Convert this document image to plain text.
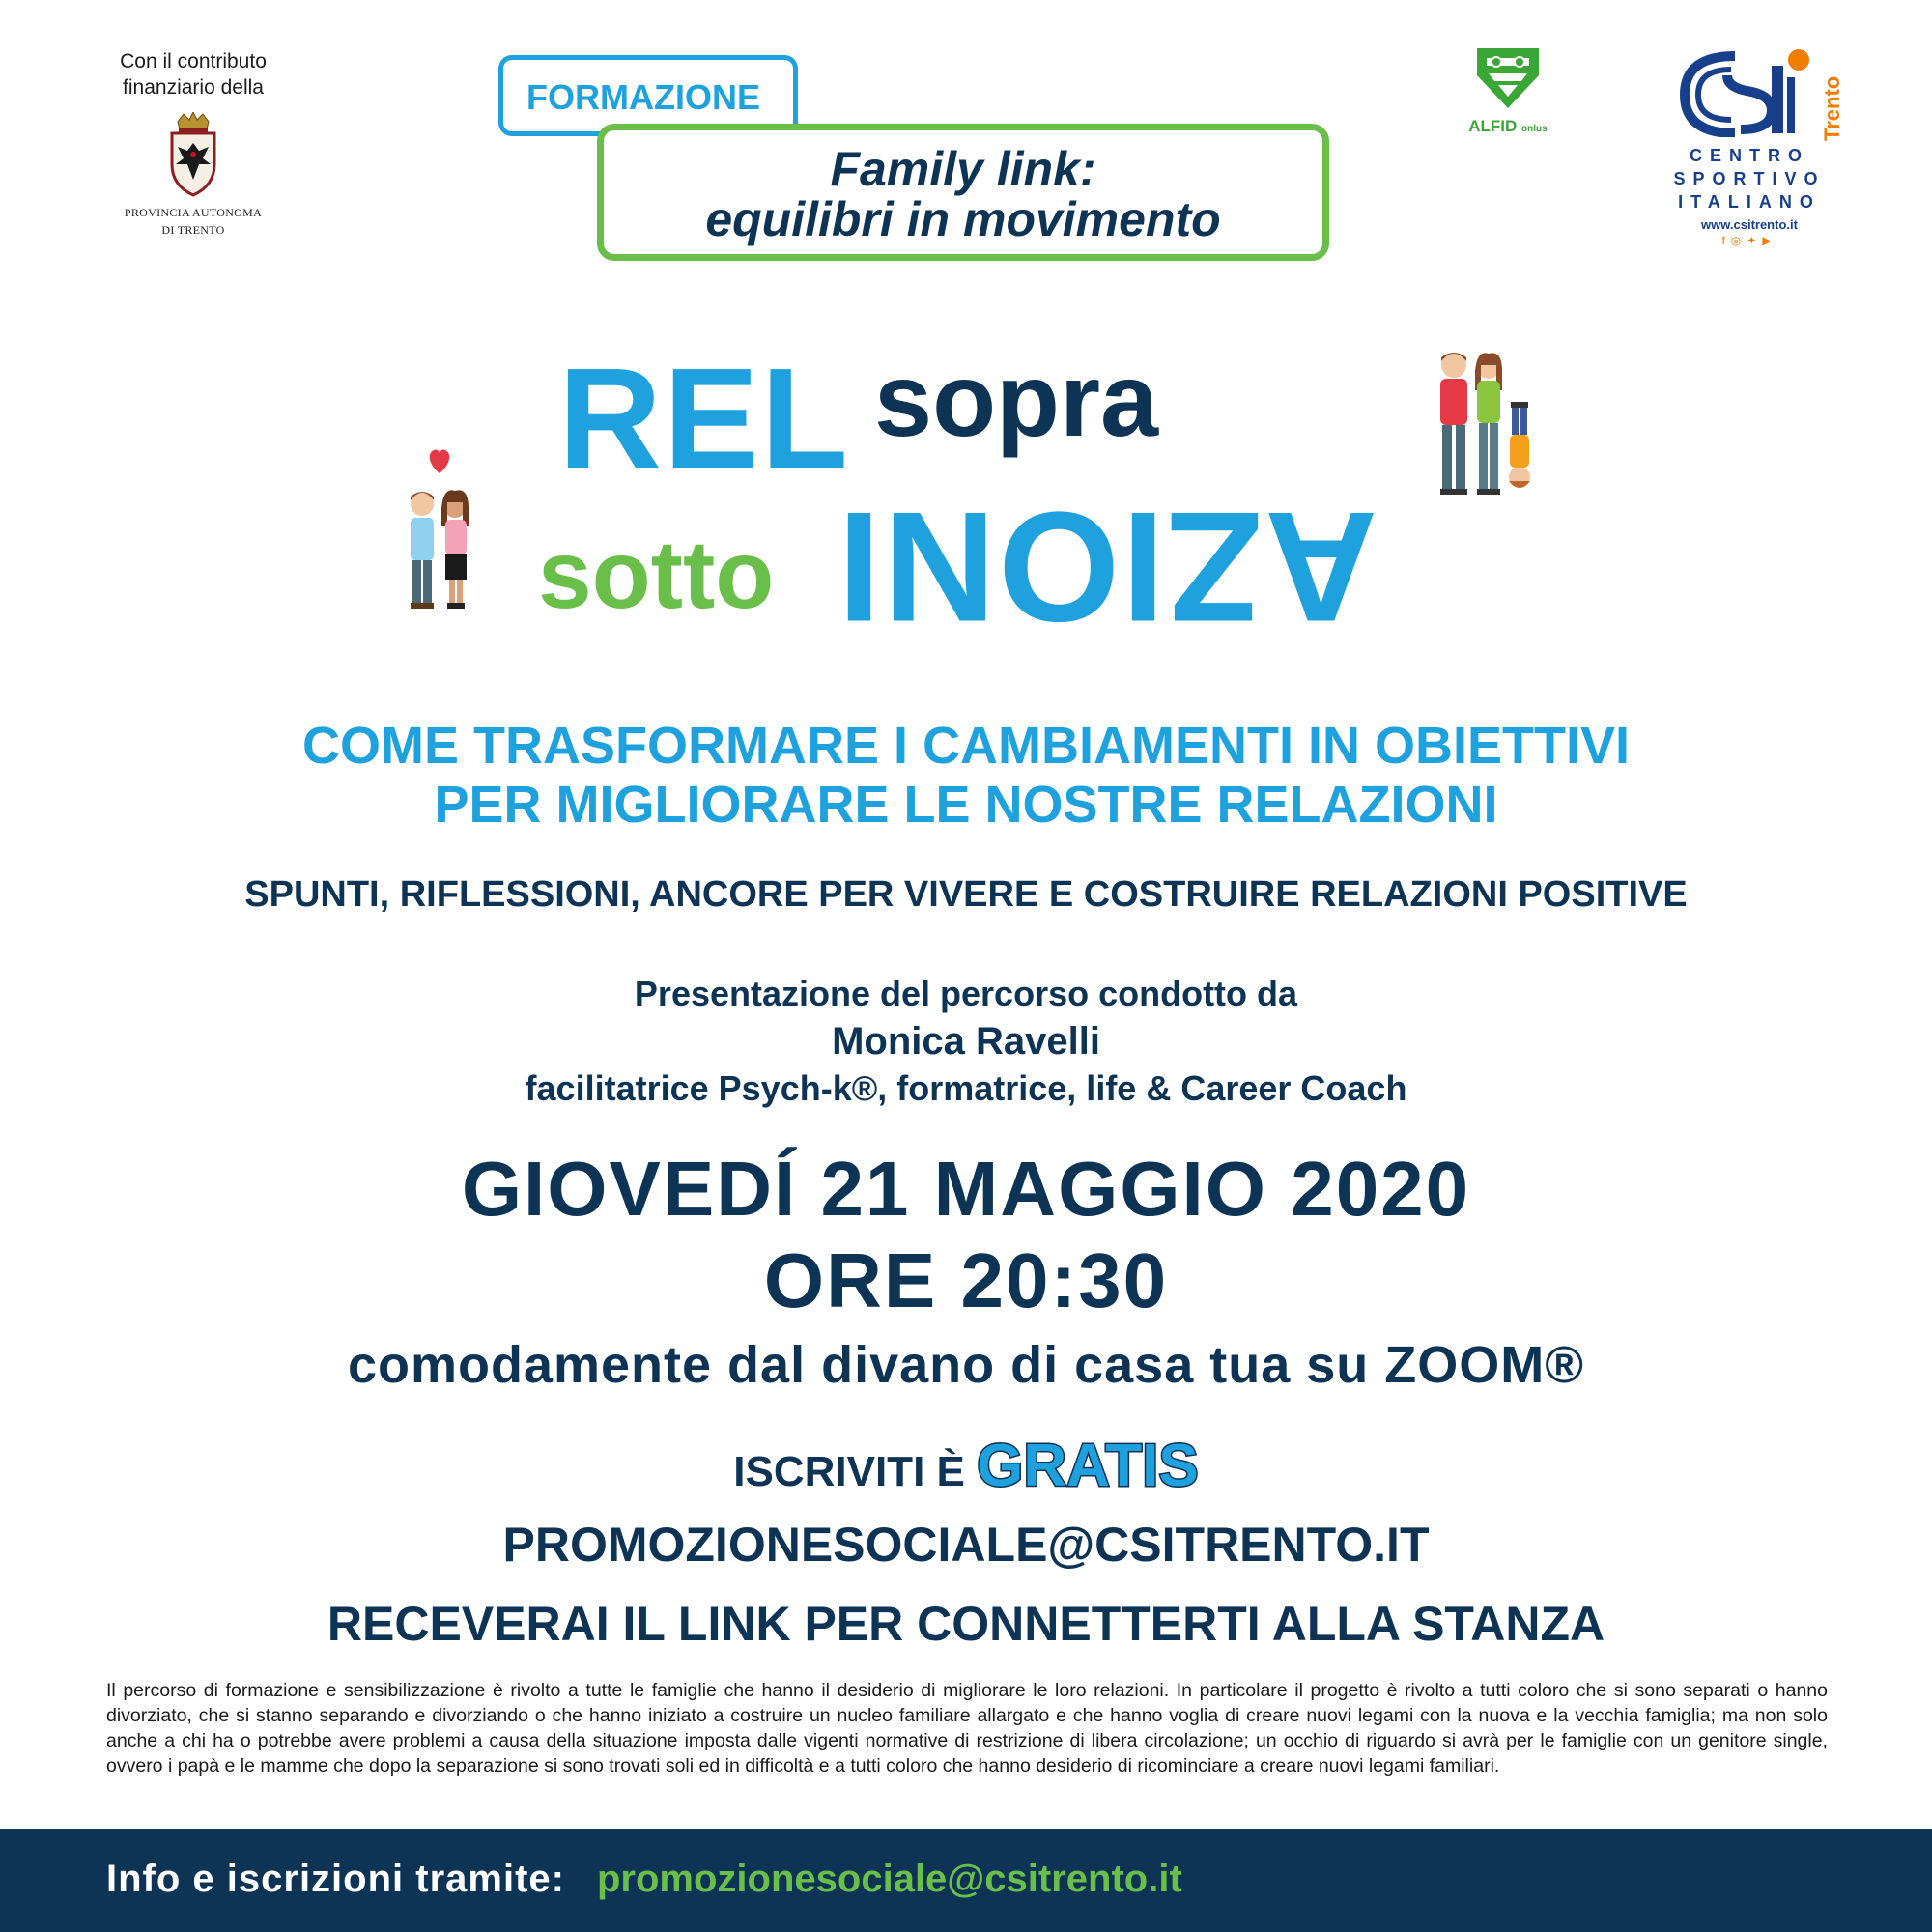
Con il contributo
finanziario della
PROVINCIA AUTONOMA
DI TRENTO
FORMAZIONE
Family link:
equilibri in movimento
ALFID onlus	Trento
CENTRO
SPORTIVO
ITALIANO
www.csitrento.it
f◎✦▶
REL sopra
sotto AZIONI
COME TRASFORMARE I CAMBIAMENTI IN OBIETTIVI
PER MIGLIORARE LE NOSTRE RELAZIONI
SPUNTI, RIFLESSIONI, ANCORE PER VIVERE E COSTRUIRE RELAZIONI POSITIVE
Presentazione del percorso condotto da
Monica Ravelli
facilitatrice Psych-k®, formatrice, life & Career Coach
GIOVEDÍ 21 MAGGIO 2020
ORE 20:30
comodamente dal divano di casa tua su ZOOM®
ISCRIVITI È GRATIS
PROMOZIONESOCIALE@CSITRENTO.IT
RECEVERAI IL LINK PER CONNETTERTI ALLA STANZA
Il percorso di formazione e sensibilizzazione è rivolto a tutte le famiglie che hanno il desiderio di migliorare le loro relazioni. In particolare il progetto è rivolto a tutti coloro che si sono separati o hanno divorziato, che si stanno separando e divorziando o che hanno iniziato a costruire un nucleo familiare allargato e che hanno voglia di creare nuovi legami con la nuova e la vecchia famiglia; ma non solo anche a chi ha o potrebbe avere problemi a causa della situazione imposta dalle vigenti normative di restrizione di libera circolazione; un occhio di riguardo si avrà per le famiglie con un genitore single, ovvero i papà e le mamme che dopo la separazione si sono trovati soli ed in difficoltà e a tutti coloro che hanno desiderio di ricominciare a creare nuovi legami familiari.
Info e iscrizioni tramite: promozionesociale@csitrento.it
